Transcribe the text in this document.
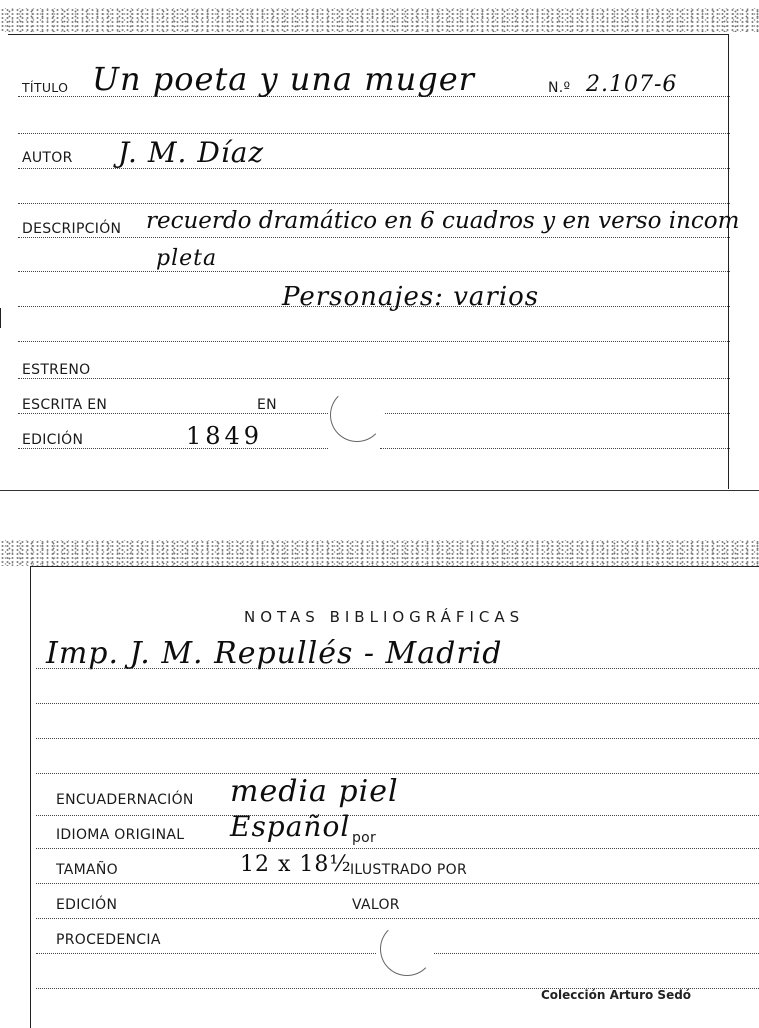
TÍTULO Un poeta y una muger	N.º 2.107-6
AUTOR J. M. Díaz
DESCRIPCIÓN recuerdo dramático en 6 cuadros y en verso incom
pleta
Personajes: varios
ESTRENO
ESCRITA EN	EN
EDICIÓN	1849
NOTAS BIBLIOGRÁFICAS
Imp. J. M. Repullés - Madrid
ENCUADERNACIÓN media piel
IDIOMA ORIGINAL Español por
TAMAÑO	12 x 18½
ILUSTRADO POR
EDICIÓN	VALOR
PROCEDENCIA
Colección Arturo Sedó
